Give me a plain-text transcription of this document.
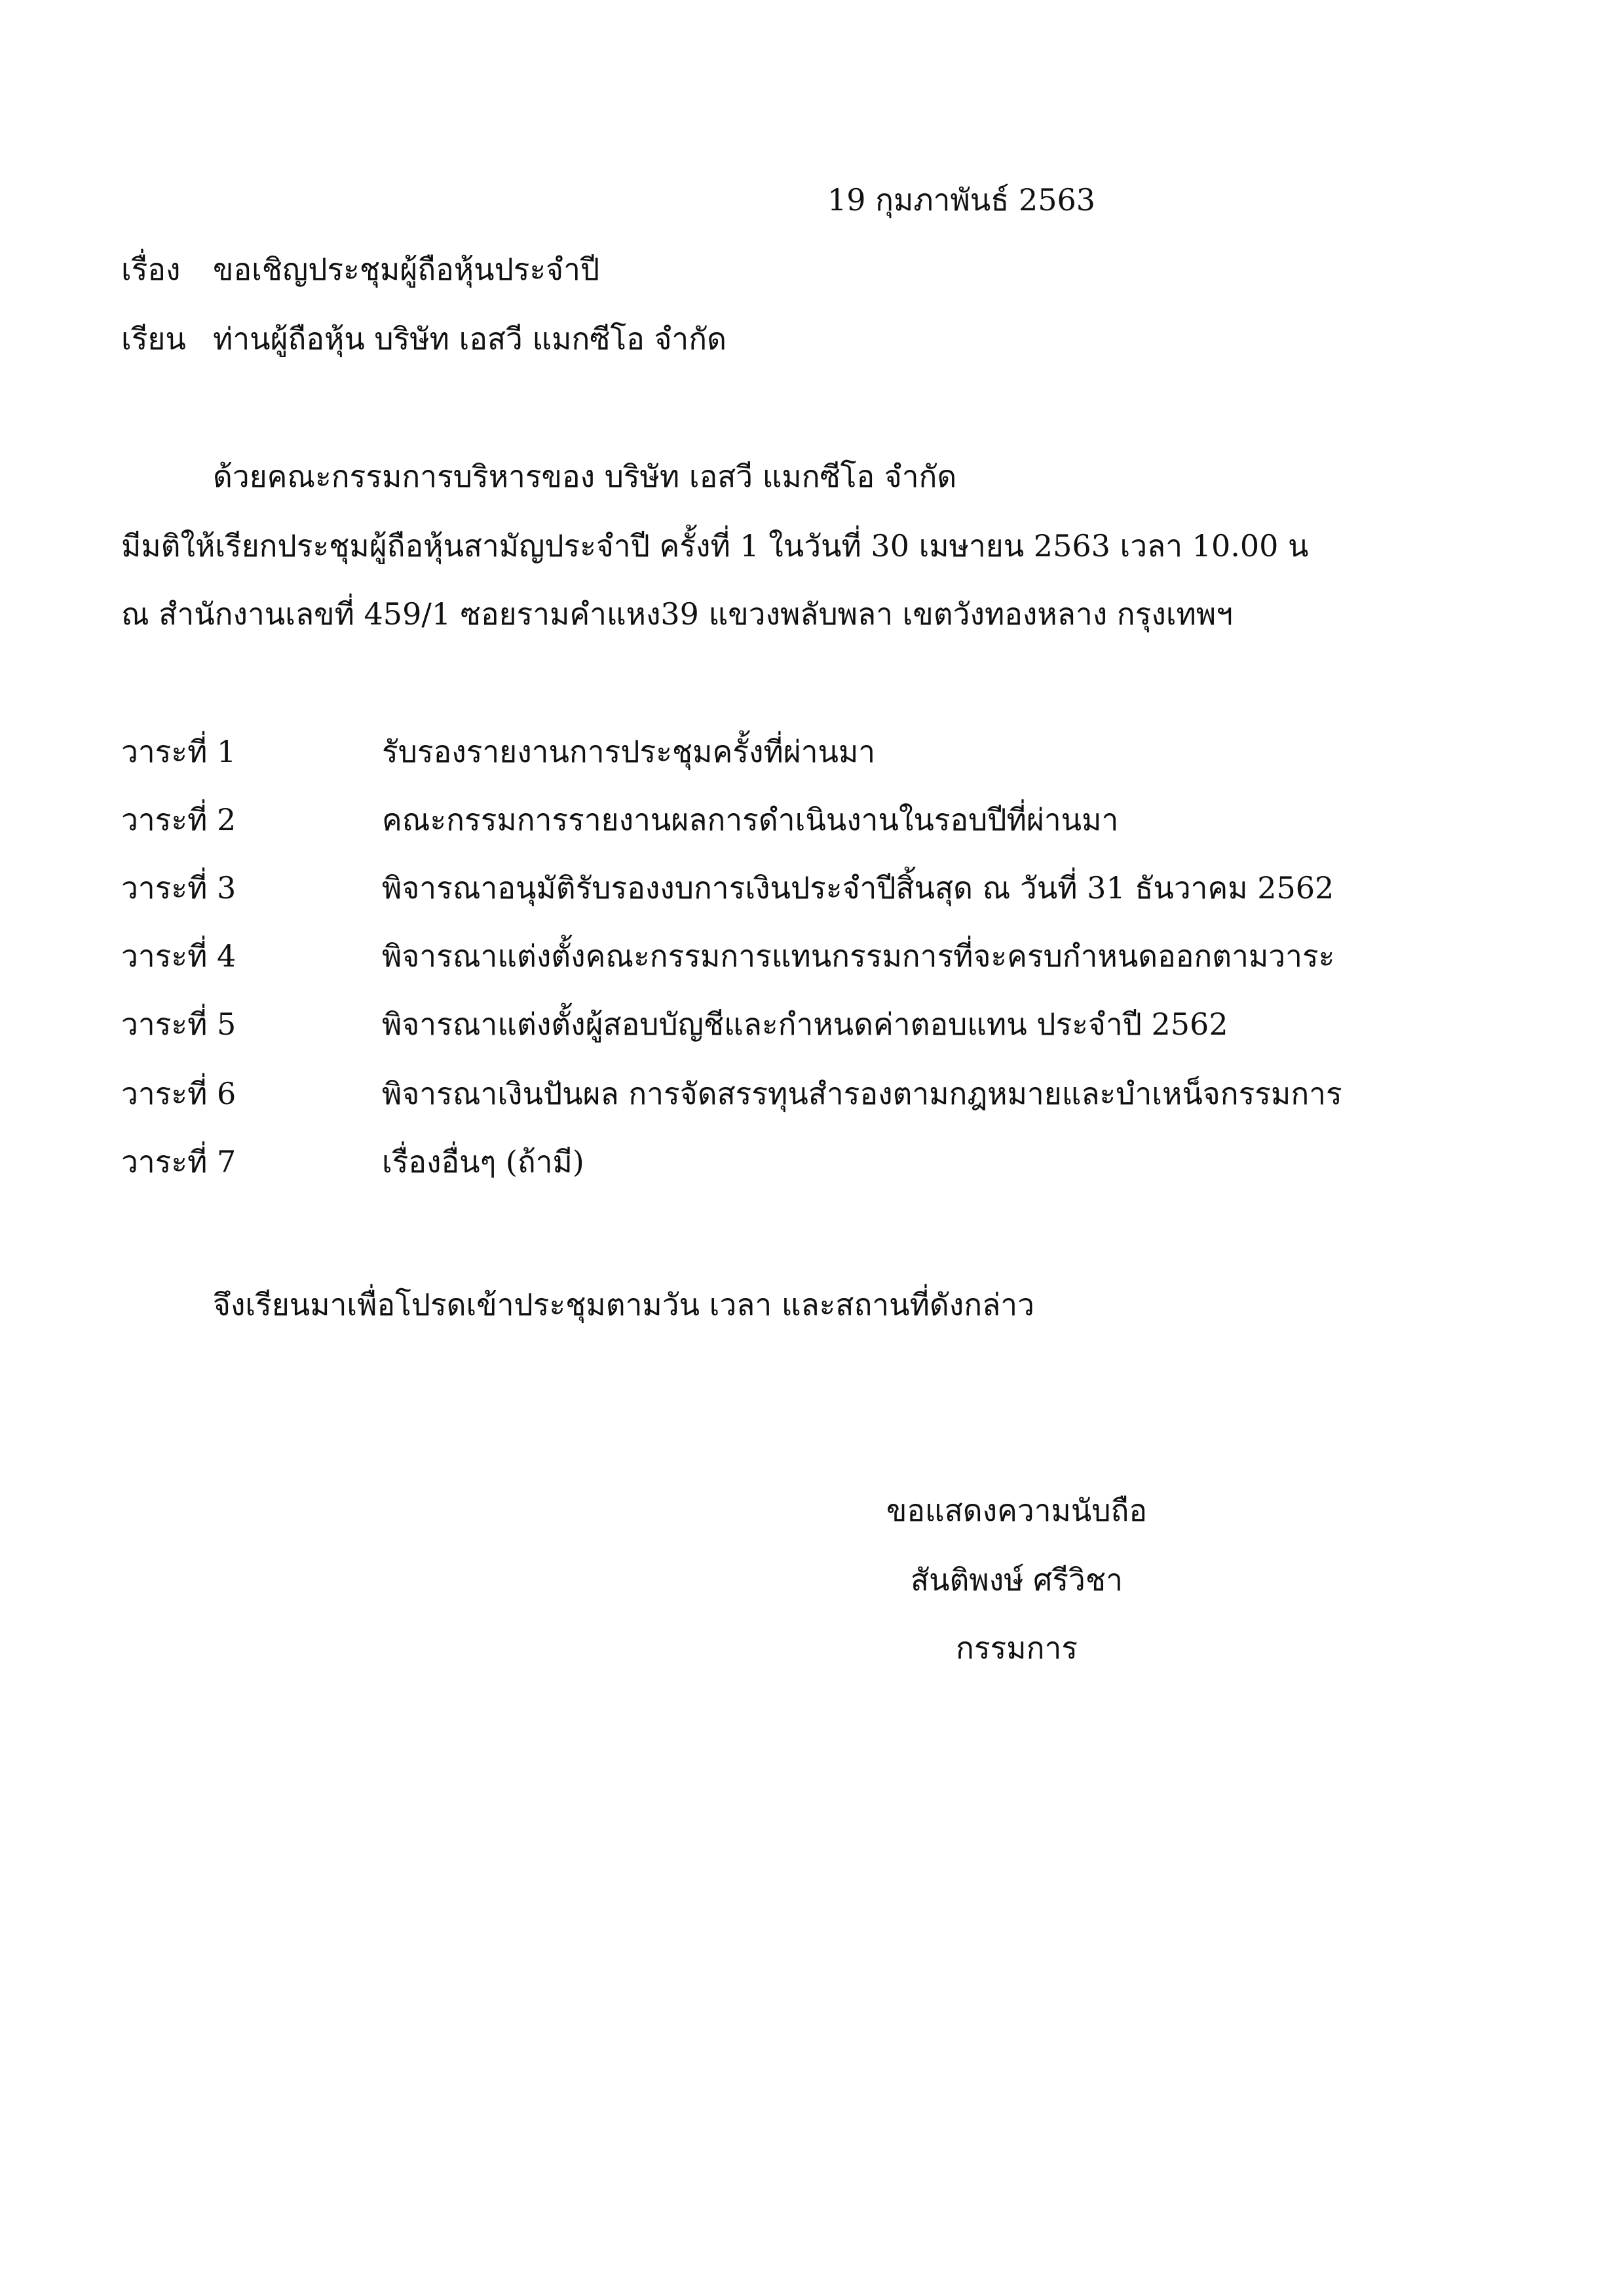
19 กุมภาพันธ์ 2563
เรื่อง ขอเชิญประชุมผู้ถือหุ้นประจำปี
เรียน ท่านผู้ถือหุ้น บริษัท เอสวี แมกซีโอ จำกัด
ด้วยคณะกรรมการบริหารของ บริษัท เอสวี แมกซีโอ จำกัด
มีมติให้เรียกประชุมผู้ถือหุ้นสามัญประจำปี ครั้งที่ 1 ในวันที่ 30 เมษายน 2563 เวลา 10.00 น
ณ สำนักงานเลขที่ 459/1 ซอยรามคำแหง39 แขวงพลับพลา เขตวังทองหลาง กรุงเทพฯ
วาระที่ 1	รับรองรายงานการประชุมครั้งที่ผ่านมา
วาระที่ 2	คณะกรรมการรายงานผลการดำเนินงานในรอบปีที่ผ่านมา
วาระที่ 3	พิจารณาอนุมัติรับรองงบการเงินประจำปีสิ้นสุด ณ วันที่ 31 ธันวาคม 2562
วาระที่ 4	พิจารณาแต่งตั้งคณะกรรมการแทนกรรมการที่จะครบกำหนดออกตามวาระ
วาระที่ 5	พิจารณาแต่งตั้งผู้สอบบัญชีและกำหนดค่าตอบแทน ประจำปี 2562
วาระที่ 6	พิจารณาเงินปันผล การจัดสรรทุนสำรองตามกฎหมายและบำเหน็จกรรมการ
วาระที่ 7	เรื่องอื่นๆ (ถ้ามี)
จึงเรียนมาเพื่อโปรดเข้าประชุมตามวัน เวลา และสถานที่ดังกล่าว
ขอแสดงความนับถือ
สันติพงษ์ ศรีวิชา
กรรมการ
